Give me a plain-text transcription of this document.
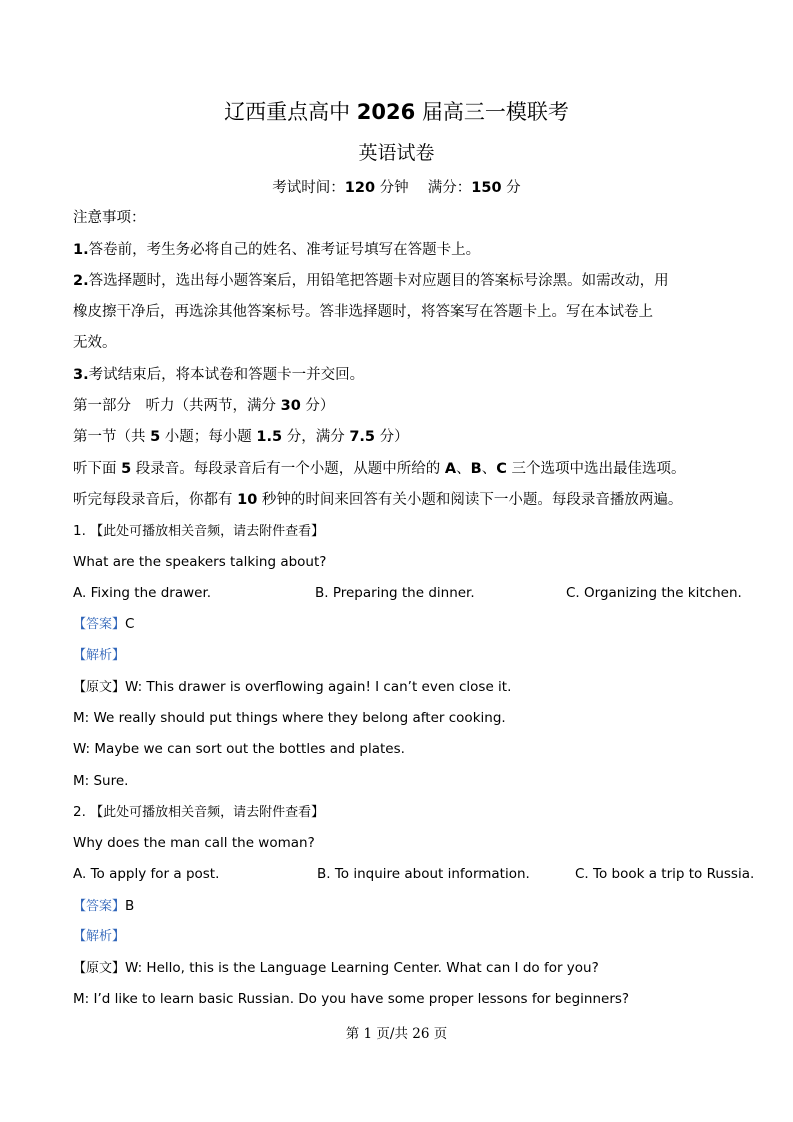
辽西重点高中 2026 届高三一模联考
英语试卷
考试时间：120 分钟　 满分：150 分
注意事项：
1.答卷前，考生务必将自己的姓名、准考证号填写在答题卡上。
2.答选择题时，选出每小题答案后，用铅笔把答题卡对应题目的答案标号涂黑。如需改动，用
橡皮擦干净后，再选涂其他答案标号。答非选择题时，将答案写在答题卡上。写在本试卷上
无效。
3.考试结束后，将本试卷和答题卡一并交回。
第一部分　听力（共两节，满分 30 分）
第一节（共 5 小题；每小题 1.5 分，满分 7.5 分）
听下面 5 段录音。每段录音后有一个小题，从题中所给的 A、B、C 三个选项中选出最佳选项。
听完每段录音后，你都有 10 秒钟的时间来回答有关小题和阅读下一小题。每段录音播放两遍。
1. 【此处可播放相关音频，请去附件查看】
What are the speakers talking about?
A. Fixing the drawer.	B. Preparing the dinner.	C. Organizing the kitchen.
【答案】C
【解析】
【原文】W: This drawer is overflowing again! I can’t even close it.
M: We really should put things where they belong after cooking.
W: Maybe we can sort out the bottles and plates.
M: Sure.
2. 【此处可播放相关音频，请去附件查看】
Why does the man call the woman?
A. To apply for a post.	B. To inquire about information.	C. To book a trip to Russia.
【答案】B
【解析】
【原文】W: Hello, this is the Language Learning Center. What can I do for you?
M: I’d like to learn basic Russian. Do you have some proper lessons for beginners?
第 1 页/共 26 页
